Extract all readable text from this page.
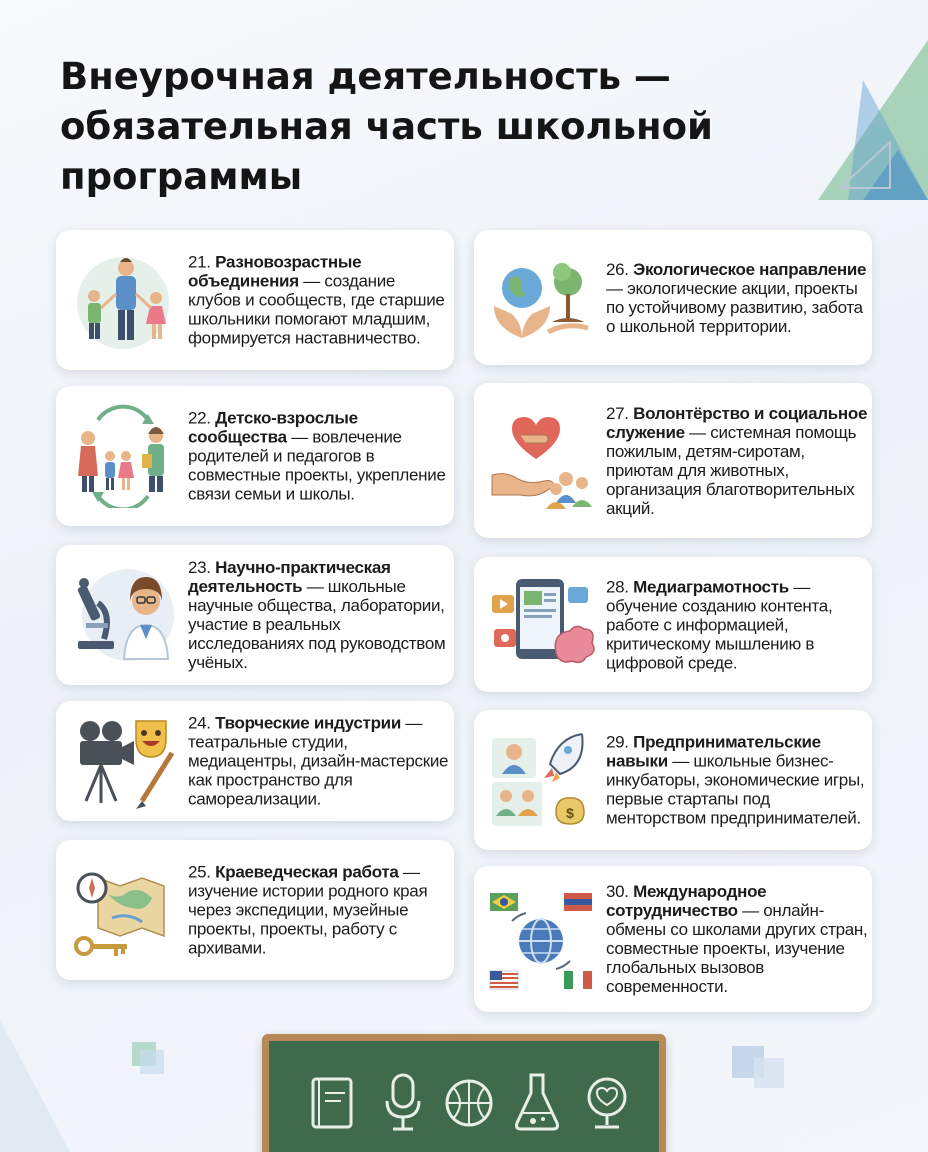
Внеурочная деятельность —
обязательная часть школьной
программы
21. Разновозрастные объединения — создание клубов и сообществ, где старшие школьники помогают младшим, формируется наставничество.
22. Детско-взрослые сообщества — вовлечение родителей и педагогов в совместные проекты, укрепление связи семьи и школы.
23. Научно-практическая деятельность — школьные научные общества, лаборатории, участие в реальных исследованиях под руководством учёных.
24. Творческие индустрии — театральные студии, медиацентры, дизайн-мастерские как пространство для самореализации.
25. Краеведческая работа — изучение истории родного края через экспедиции, музейные проекты, проекты, работу с архивами.
26. Экологическое направление — экологические акции, проекты по устойчивому развитию, забота о школьной территории.
27. Волонтёрство и социальное служение — системная помощь пожилым, детям-сиротам, приютам для животных, организация благотворительных акций.
28. Медиаграмотность — обучение созданию контента, работе с информацией, критическому мышлению в цифровой среде.
$
29. Предпринимательские навыки — школьные бизнес-инкубаторы, экономические игры, первые стартапы под менторством предпринимателей.
30. Международное сотрудничество — онлайн-обмены со школами других стран, совместные проекты, изучение глобальных вызовов современности.
